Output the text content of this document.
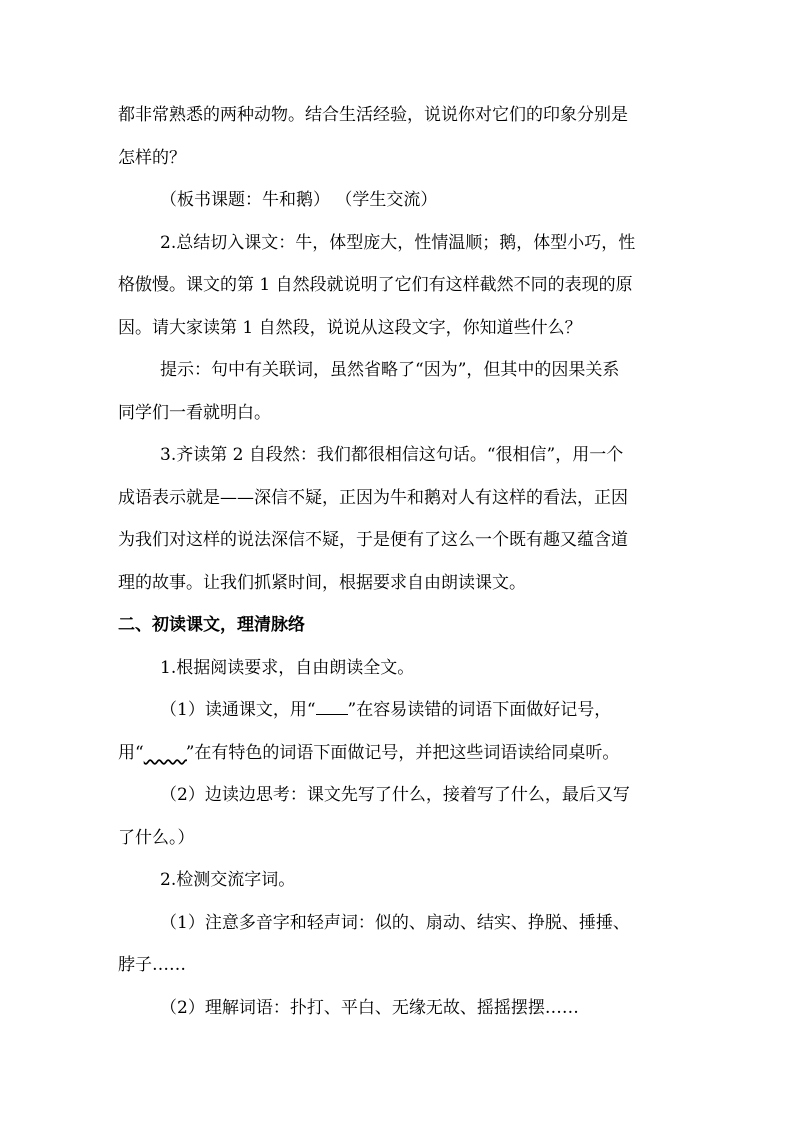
都非常熟悉的两种动物。结合生活经验，说说你对它们的印象分别是
怎样的？
（板书课题：牛和鹅） （学生交流）
2.总结切入课文：牛，体型庞大，性情温顺；鹅，体型小巧，性
格傲慢。课文的第 1 自然段就说明了它们有这样截然不同的表现的原
因。请大家读第 1 自然段，说说从这段文字，你知道些什么？
提示：句中有关联词，虽然省略了“因为”，但其中的因果关系
同学们一看就明白。
3.齐读第 2 自段然：我们都很相信这句话。“很相信”，用一个
成语表示就是——深信不疑，正因为牛和鹅对人有这样的看法，正因
为我们对这样的说法深信不疑，于是便有了这么一个既有趣又蕴含道
理的故事。让我们抓紧时间，根据要求自由朗读课文。
二、初读课文，理清脉络
1.根据阅读要求，自由朗读全文。
（1）读通课文，用“ ”在容易读错的词语下面做好记号，
用“​        ”在有特色的词语下面做记号，并把这些词语读给同桌听。
（2）边读边思考：课文先写了什么，接着写了什么，最后又写
了什么。）
2.检测交流字词。
（1）注意多音字和轻声词：似的、扇动、结实、挣脱、捶捶、
脖子……
（2）理解词语：扑打、平白、无缘无故、摇摇摆摆……
